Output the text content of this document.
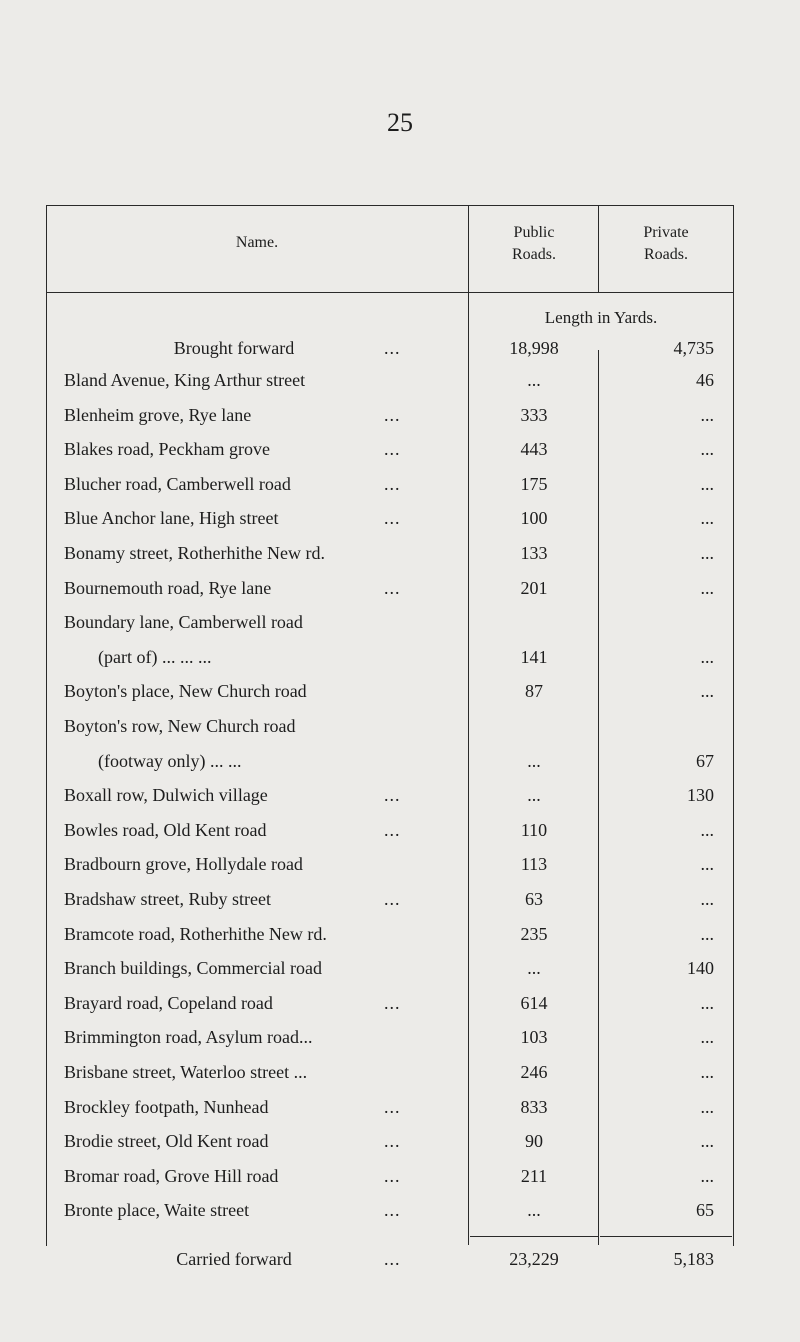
25
Name.
Public
Roads.
Private
Roads.
Length in Yards.
Brought forward	...	18,998	4,735
Bland Avenue, King Arthur street	...	46
Blenheim grove, Rye lane	...	333	...
Blakes road, Peckham grove	...	443	...
Blucher road, Camberwell road	...	175	...
Blue Anchor lane, High street	...	100	...
Bonamy street, Rotherhithe New rd.	133	...
Bournemouth road, Rye lane	...	201	...
Boundary lane, Camberwell road
(part of) ... ... ...	141	...
Boyton's place, New Church road	87	...
Boyton's row, New Church road
(footway only) ... ...	...	67
Boxall row, Dulwich village	...	...	130
Bowles road, Old Kent road	...	110	...
Bradbourn grove, Hollydale road	113	...
Bradshaw street, Ruby street	...	63	...
Bramcote road, Rotherhithe New rd.	235	...
Branch buildings, Commercial road	...	140
Brayard road, Copeland road	...	614	...
Brimmington road, Asylum road...	103	...
Brisbane street, Waterloo street ...	246	...
Brockley footpath, Nunhead	...	833	...
Brodie street, Old Kent road	...	90	...
Bromar road, Grove Hill road	...	211	...
Bronte place, Waite street	...	...	65
Carried forward	...	23,229	5,183
